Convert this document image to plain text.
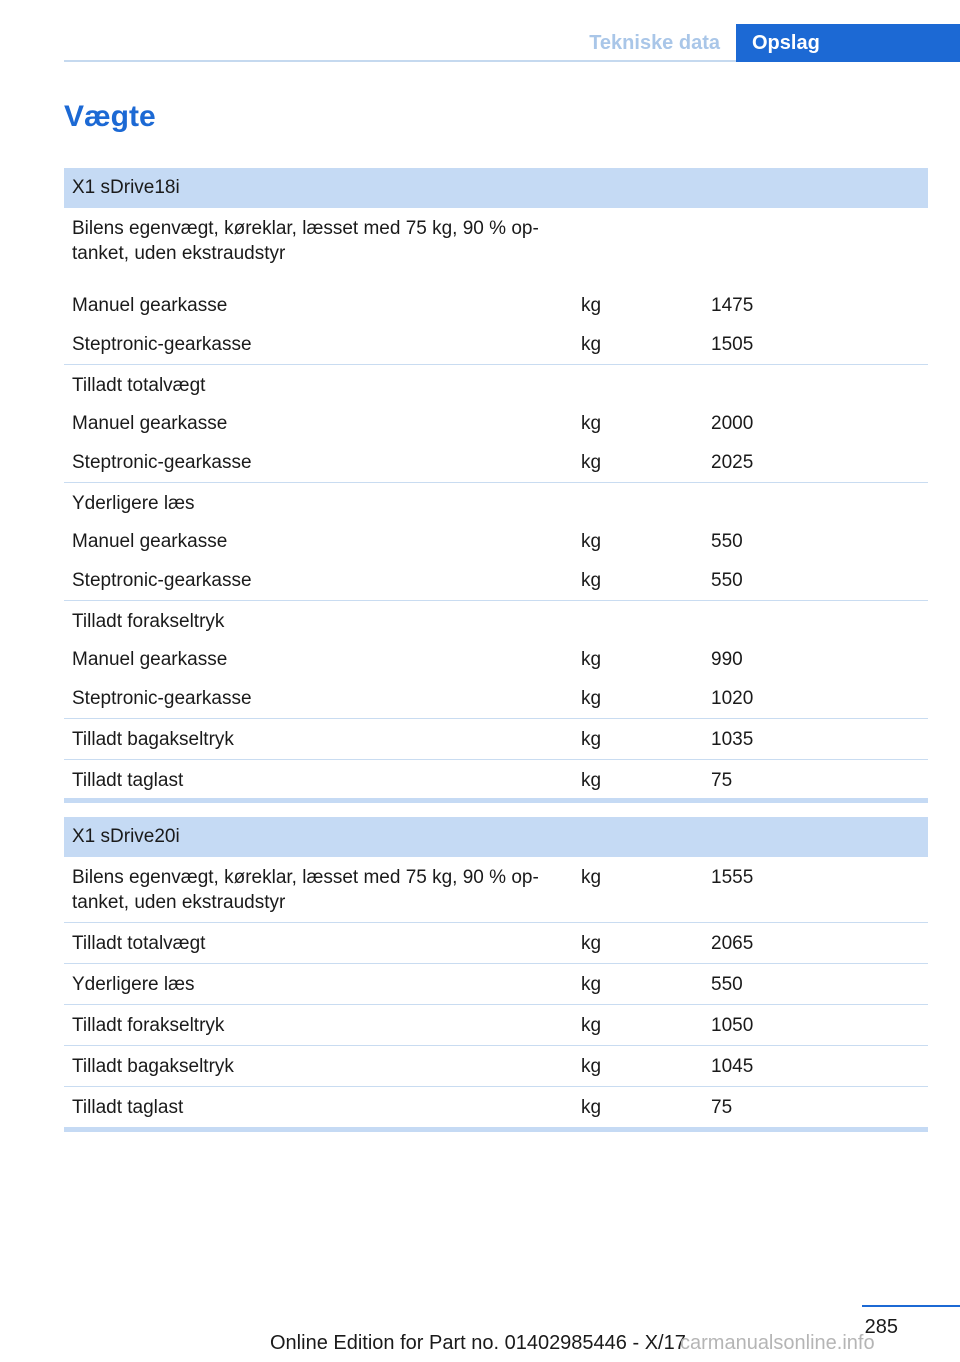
Tekniske data	Opslag
Vægte
X1 sDrive18i
Bilens egenvægt, køreklar, læsset med 75 kg, 90 % op-
tanket, uden ekstraudstyr
Manuel gearkasse	kg	1475
Steptronic-gearkasse	kg	1505
Tilladt totalvægt
Manuel gearkasse	kg	2000
Steptronic-gearkasse	kg	2025
Yderligere læs
Manuel gearkasse	kg	550
Steptronic-gearkasse	kg	550
Tilladt forakseltryk
Manuel gearkasse	kg	990
Steptronic-gearkasse	kg	1020
Tilladt bagakseltryk	kg	1035
Tilladt taglast	kg	75
X1 sDrive20i
Bilens egenvægt, køreklar, læsset med 75 kg, 90 % op-
tanket, uden ekstraudstyr
kg	1555
Tilladt totalvægt	kg	2065
Yderligere læs	kg	550
Tilladt forakseltryk	kg	1050
Tilladt bagakseltryk	kg	1045
Tilladt taglast	kg	75
285
Online Edition for Part no. 01402985446 - X/17
carmanualsonline.info
